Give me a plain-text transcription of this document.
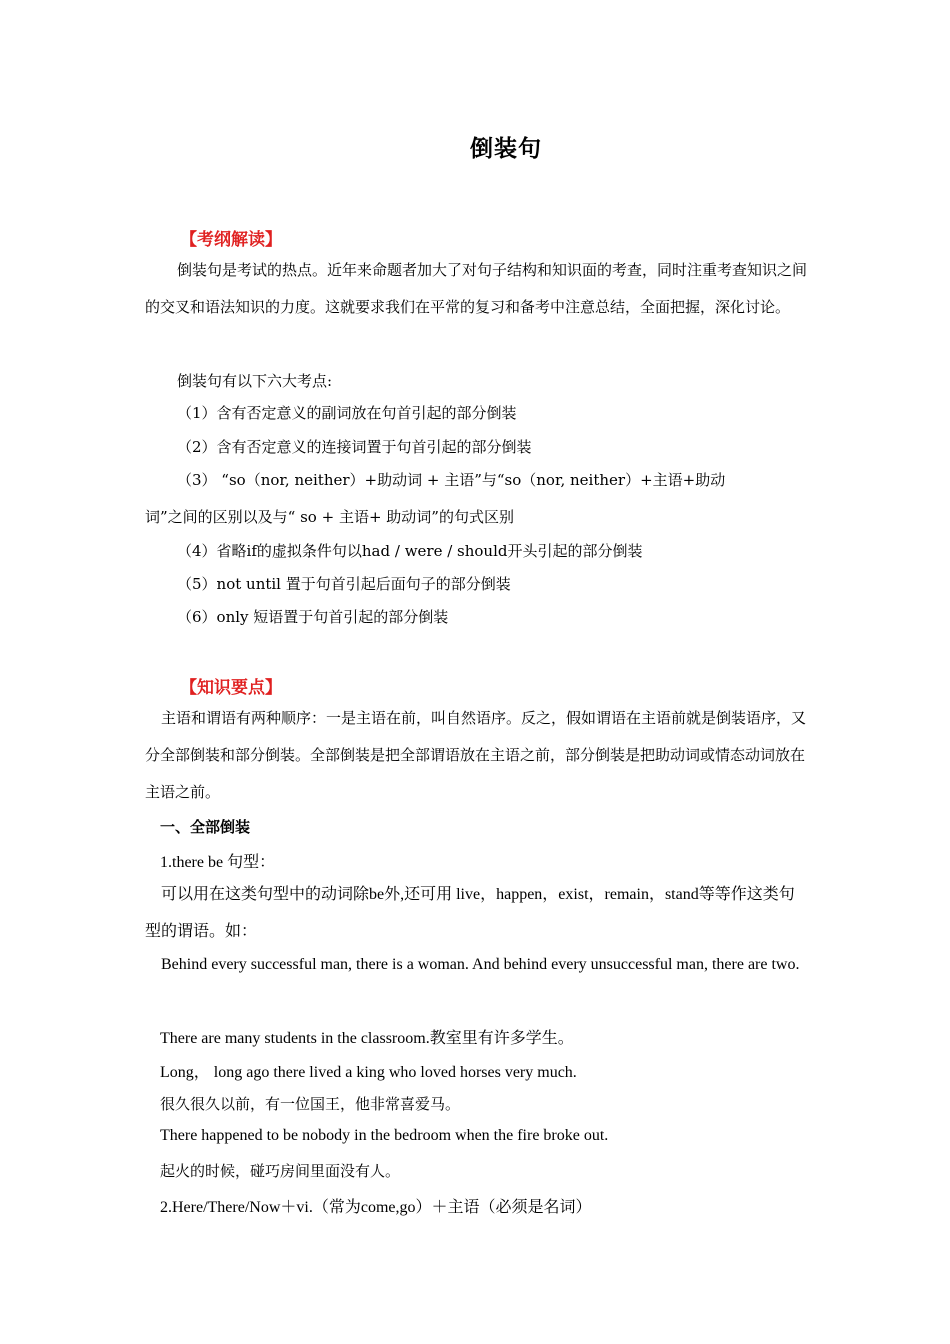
倒装句
【考纲解读】
倒装句是考试的热点。近年来命题者加大了对句子结构和知识面的考查，同时注重考查知识之间的交叉和语法知识的力度。这就要求我们在平常的复习和备考中注意总结，全面把握，深化讨论。
倒装句有以下六大考点:
（1）含有否定意义的副词放在句首引起的部分倒装
（2）含有否定意义的连接词置于句首引起的部分倒装
（3） “so（nor, neither）+助动词 + 主语”与“so（nor, neither）+主语+助动
词”之间的区别以及与“ so + 主语+ 助动词”的句式区别
（4）省略if的虚拟条件句以had / were / should开头引起的部分倒装
（5）not until 置于句首引起后面句子的部分倒装
（6）only 短语置于句首引起的部分倒装
【知识要点】
主语和谓语有两种顺序：一是主语在前，叫自然语序。反之，假如谓语在主语前就是倒装语序，又分全部倒装和部分倒装。全部倒装是把全部谓语放在主语之前，部分倒装是把助动词或情态动词放在主语之前。
一、全部倒装
1.there be 句型：
可以用在这类句型中的动词除be外,还可用 live，happen，exist，remain，stand等等作这类句型的谓语。如：
Behind every successful man, there is a woman. And behind every unsuccessful man, there are two.
There are many students in the classroom.教室里有许多学生。
Long， long ago there lived a king who loved horses very much.
很久很久以前，有一位国王，他非常喜爱马。
There happened to be nobody in the bedroom when the fire broke out.
起火的时候，碰巧房间里面没有人。
2.Here/There/Now＋vi.（常为come,go）＋主语（必须是名词）
